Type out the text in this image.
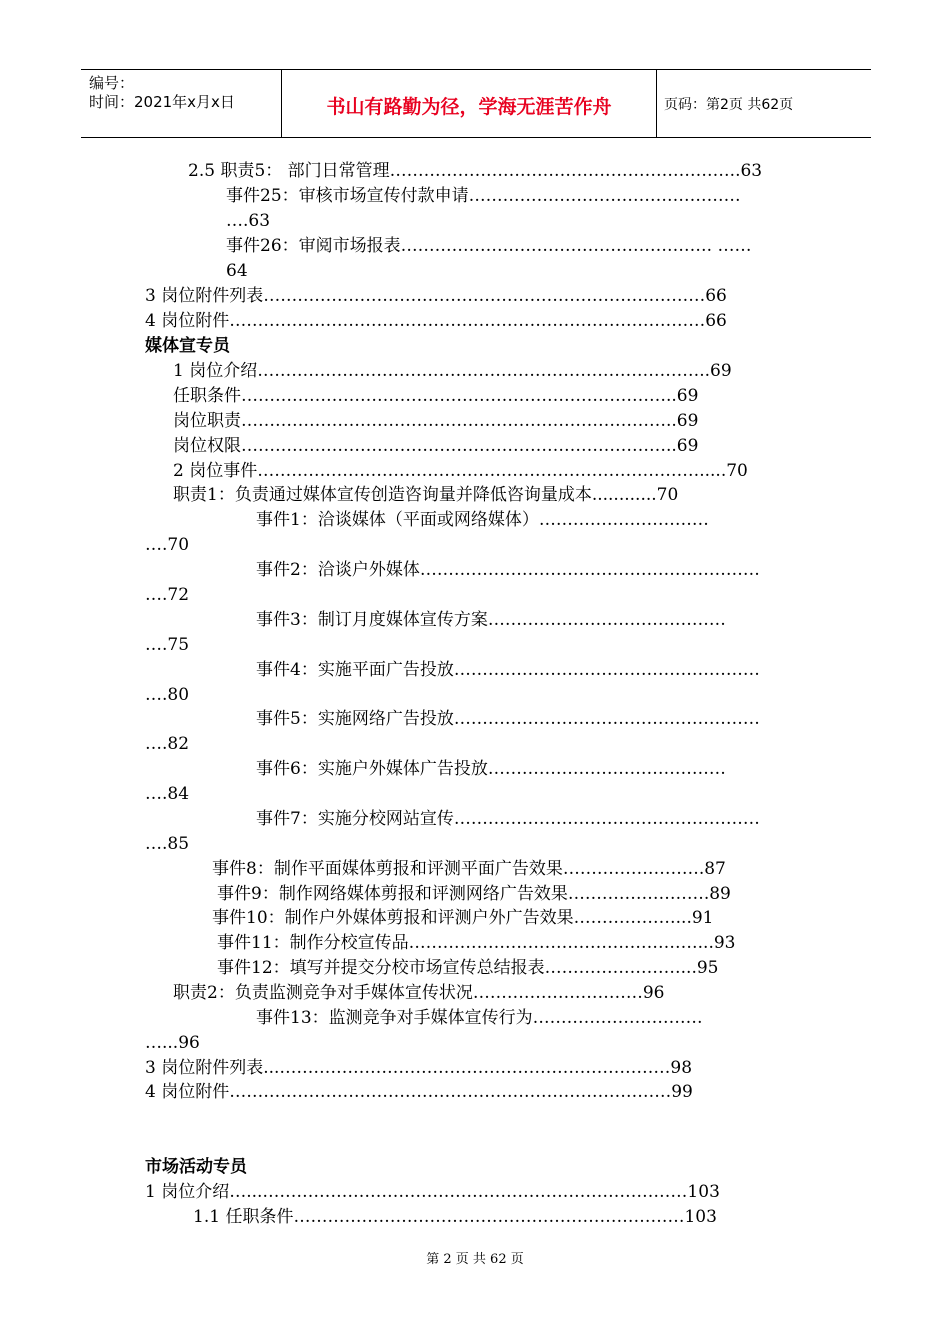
编号：
时间：2021年x月x日	书山有路勤为径，学海无涯苦作舟	页码：第2页 共62页
2.5 职责5： 部门日常管理……………………………………………………..63
事件25：审核市场宣传付款申请…………………………………………
….63
事件26：审阅市场报表………………………………………………. ……
64
3 岗位附件列表……………………………………………………………………66
4 岗位附件…………………………………………………………………………66
媒体宣专员
1 岗位介绍……………………………………………………………………..69
任职条件…………………………………………………………………..69
岗位职责…………………………………………………………………..69
岗位权限…………………………………………………………………..69
2 岗位事件…………………………………………………………………….....70
职责1：负责通过媒体宣传创造咨询量并降低咨询量成本............70
事件1：洽谈媒体（平面或网络媒体）…………………………
….70
事件2：洽谈户外媒体……………………………………………………
….72
事件3：制订月度媒体宣传方案……………………………………
….75
事件4：实施平面广告投放………………………………………………
….80
事件5：实施网络广告投放………………………………………………
….82
事件6：实施户外媒体广告投放……………………………………
….84
事件7：实施分校网站宣传………………………………………………
….85
事件8：制作平面媒体剪报和评测平面广告效果…………………….87
事件9：制作网络媒体剪报和评测网络广告效果…………………….89
事件10：制作户外媒体剪报和评测户外广告效果………………...91
事件11：制作分校宣传品……………………………………………...93
事件12：填写并提交分校市场宣传总结报表……………………...95
职责2：负责监测竞争对手媒体宣传状况…………………………96
事件13：监测竞争对手媒体宣传行为…………………………
…...96
3 岗位附件列表...……………………………………………………………98
4 岗位附件……………………………………………………………………99
市场活动专员
1 岗位介绍…...…………………………………………………………………103
1.1 任职条件……………………………………………………………103
第 2 页 共 62 页
